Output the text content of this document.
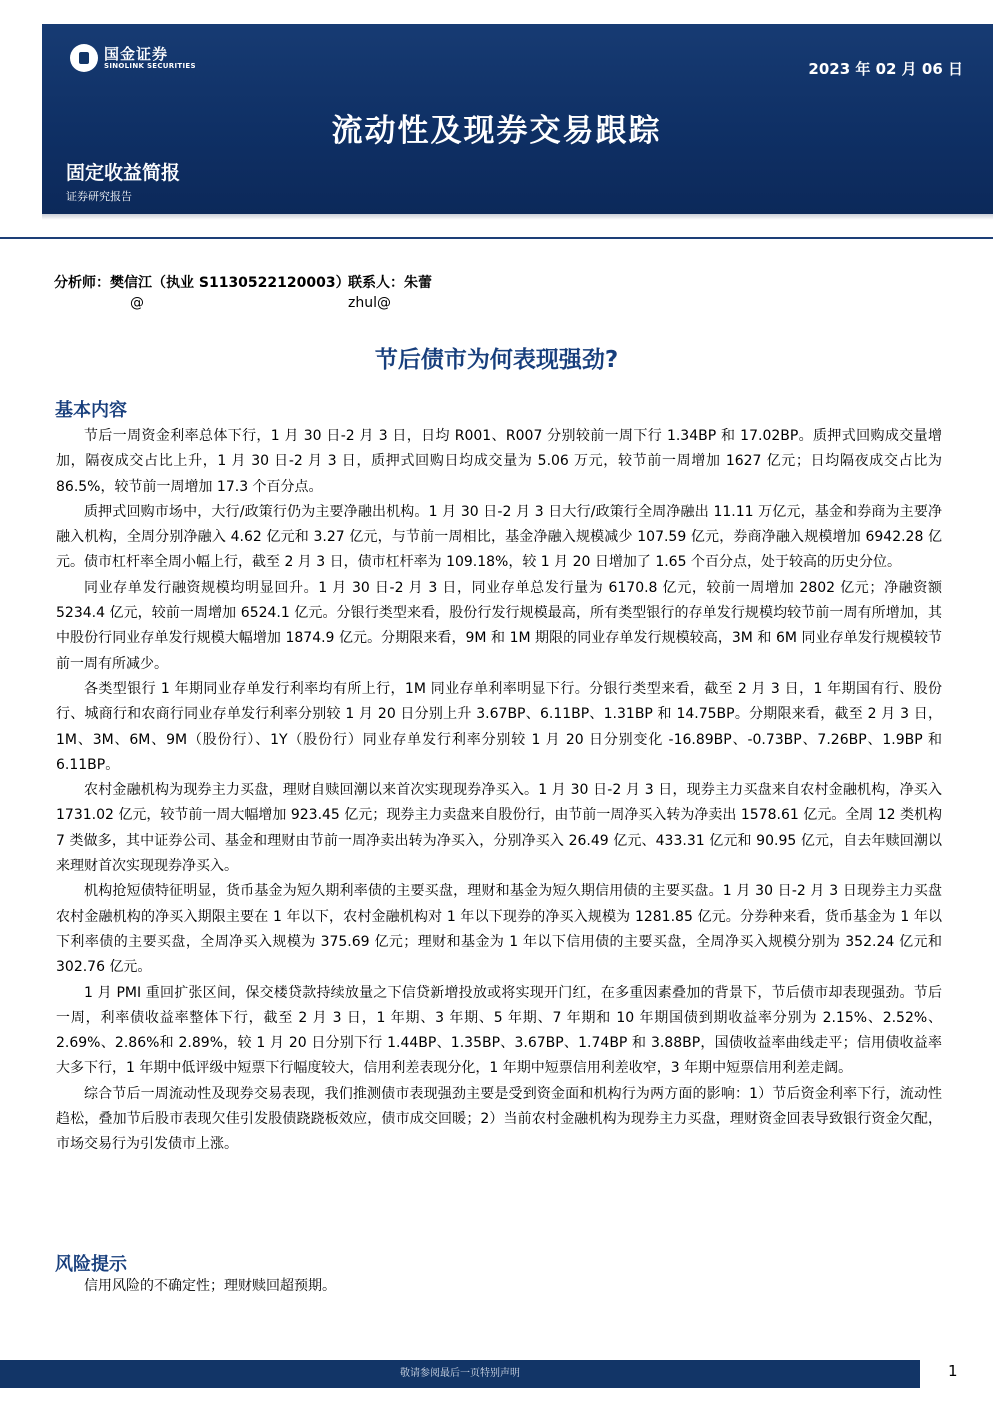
国金证券
SINOLINK SECURITIES	2023 年 02 月 06 日
流动性及现券交易跟踪
固定收益简报
证券研究报告
分析师：樊信江（执业 S1130522120003）
@
联系人：朱蕾
zhul@
节后债市为何表现强劲?
基本内容

节后一周资金利率总体下行，1 月 30 日-2 月 3 日，日均 R001、R007 分别较前一周下行 1.34BP 和 17.02BP。质押式回购成交量增加，隔夜成交占比上升，1 月 30 日-2 月 3 日，质押式回购日均成交量为 5.06 万元，较节前一周增加 1627 亿元；日均隔夜成交占比为 86.5%，较节前一周增加 17.3 个百分点。

质押式回购市场中，大行/政策行仍为主要净融出机构。1 月 30 日-2 月 3 日大行/政策行全周净融出 11.11 万亿元，基金和券商为主要净融入机构，全周分别净融入 4.62 亿元和 3.27 亿元，与节前一周相比，基金净融入规模减少 107.59 亿元，券商净融入规模增加 6942.28 亿元。债市杠杆率全周小幅上行，截至 2 月 3 日，债市杠杆率为 109.18%，较 1 月 20 日增加了 1.65 个百分点，处于较高的历史分位。

同业存单发行融资规模均明显回升。1 月 30 日-2 月 3 日，同业存单总发行量为 6170.8 亿元，较前一周增加 2802 亿元；净融资额 5234.4 亿元，较前一周增加 6524.1 亿元。分银行类型来看，股份行发行规模最高，所有类型银行的存单发行规模均较节前一周有所增加，其中股份行同业存单发行规模大幅增加 1874.9 亿元。分期限来看，9M 和 1M 期限的同业存单发行规模较高，3M 和 6M 同业存单发行规模较节前一周有所减少。

各类型银行 1 年期同业存单发行利率均有所上行，1M 同业存单利率明显下行。分银行类型来看，截至 2 月 3 日，1 年期国有行、股份行、城商行和农商行同业存单发行利率分别较 1 月 20 日分别上升 3.67BP、6.11BP、1.31BP 和 14.75BP。分期限来看，截至 2 月 3 日，1M、3M、6M、9M（股份行）、1Y（股份行）同业存单发行利率分别较 1 月 20 日分别变化 -16.89BP、-0.73BP、7.26BP、1.9BP 和 6.11BP。

农村金融机构为现券主力买盘，理财自赎回潮以来首次实现现券净买入。1 月 30 日-2 月 3 日，现券主力买盘来自农村金融机构，净买入 1731.02 亿元，较节前一周大幅增加 923.45 亿元；现券主力卖盘来自股份行，由节前一周净买入转为净卖出 1578.61 亿元。全周 12 类机构 7 类做多，其中证券公司、基金和理财由节前一周净卖出转为净买入，分别净买入 26.49 亿元、433.31 亿元和 90.95 亿元，自去年赎回潮以来理财首次实现现券净买入。

机构抢短债特征明显，货币基金为短久期利率债的主要买盘，理财和基金为短久期信用债的主要买盘。1 月 30 日-2 月 3 日现券主力买盘农村金融机构的净买入期限主要在 1 年以下，农村金融机构对 1 年以下现券的净买入规模为 1281.85 亿元。分券种来看，货币基金为 1 年以下利率债的主要买盘，全周净买入规模为 375.69 亿元；理财和基金为 1 年以下信用债的主要买盘，全周净买入规模分别为 352.24 亿元和 302.76 亿元。

1 月 PMI 重回扩张区间，保交楼贷款持续放量之下信贷新增投放或将实现开门红，在多重因素叠加的背景下，节后债市却表现强劲。节后一周，利率债收益率整体下行，截至 2 月 3 日，1 年期、3 年期、5 年期、7 年期和 10 年期国债到期收益率分别为 2.15%、2.52%、2.69%、2.86%和 2.89%，较 1 月 20 日分别下行 1.44BP、1.35BP、3.67BP、1.74BP 和 3.88BP，国债收益率曲线走平；信用债收益率大多下行，1 年期中低评级中短票下行幅度较大，信用利差表现分化，1 年期中短票信用利差收窄，3 年期中短票信用利差走阔。

综合节后一周流动性及现券交易表现，我们推测债市表现强劲主要是受到资金面和机构行为两方面的影响：1）节后资金利率下行，流动性趋松，叠加节后股市表现欠佳引发股债跷跷板效应，债市成交回暖；2）当前农村金融机构为现券主力买盘，理财资金回表导致银行资金欠配，市场交易行为引发债市上涨。

风险提示
信用风险的不确定性；理财赎回超预期。
敬请参阅最后一页特别声明	1
